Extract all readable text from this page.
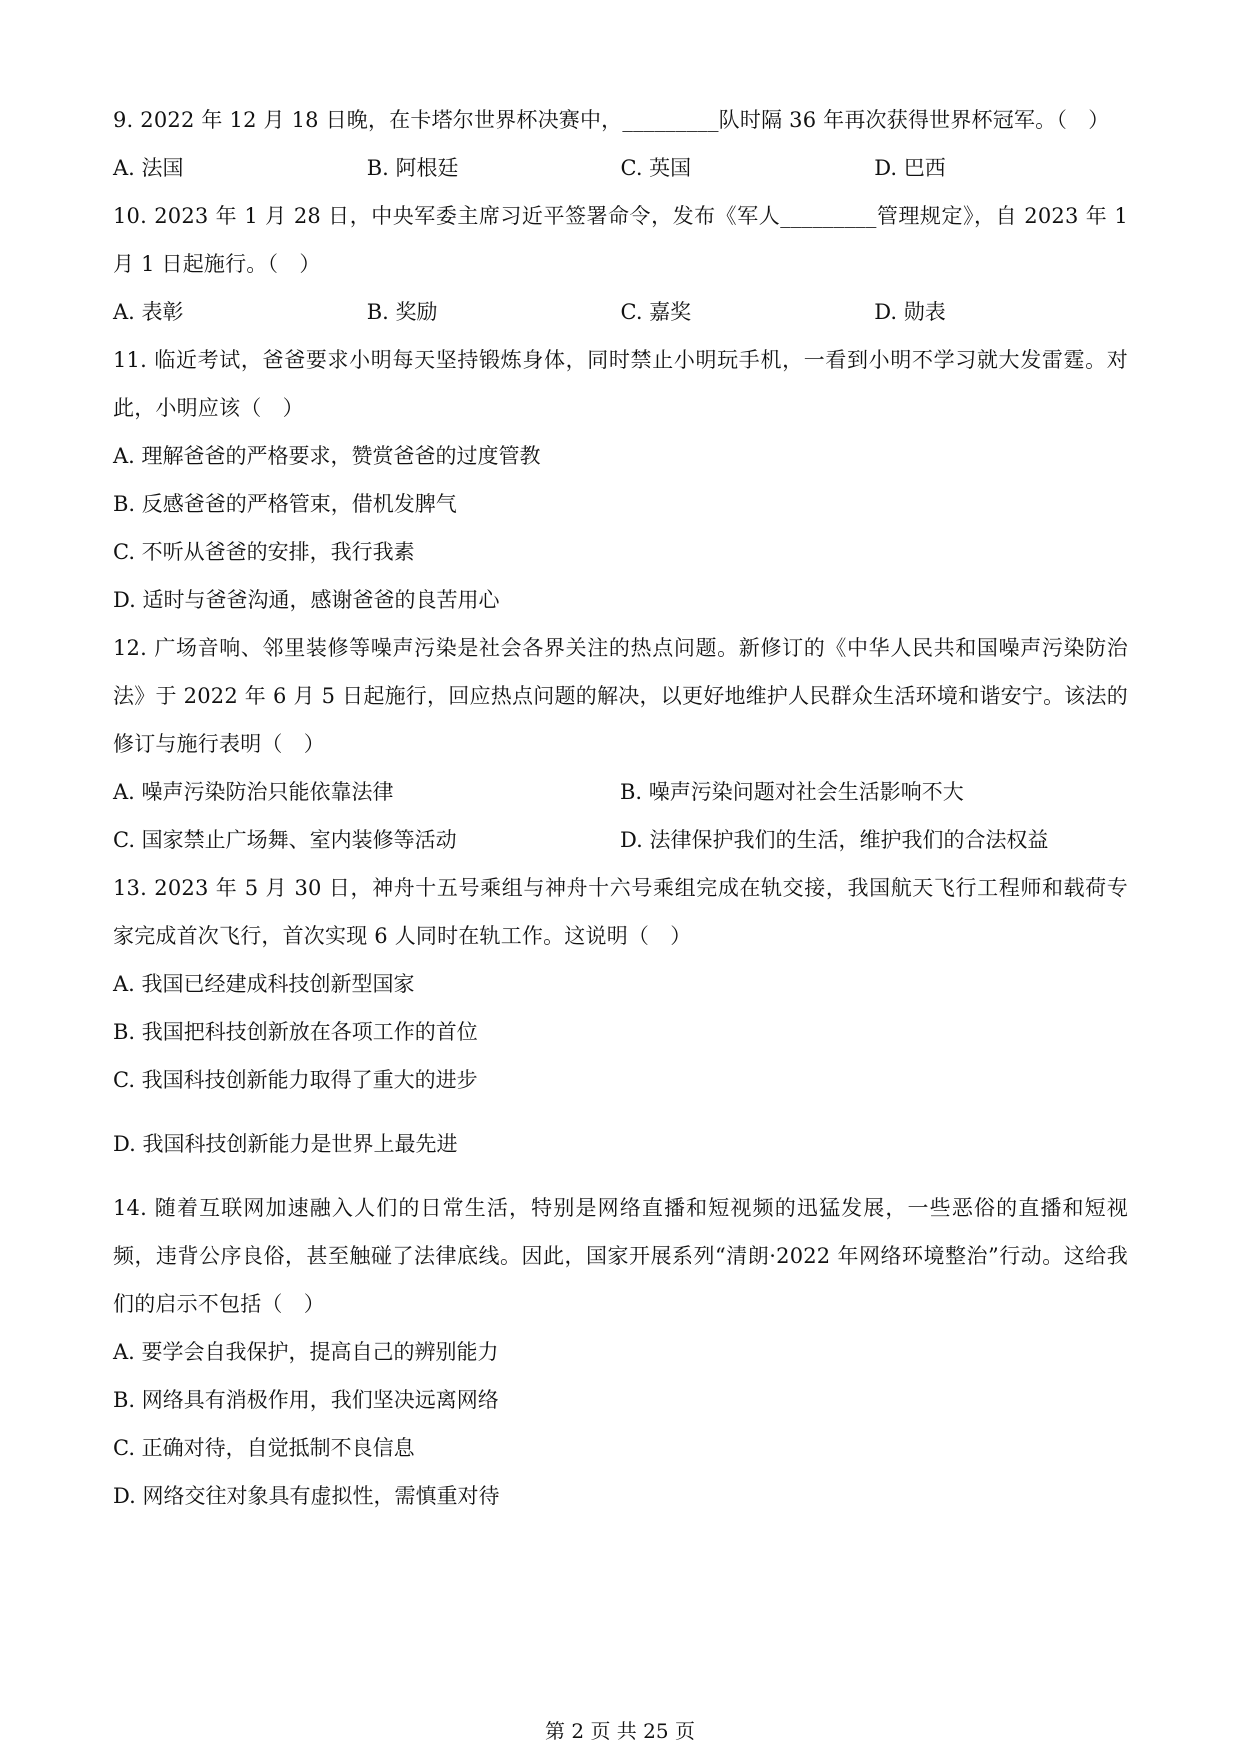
9. 2022 年 12 月 18 日晚，在卡塔尔世界杯决赛中，_________队时隔 36 年再次获得世界杯冠军。（　）

A. 法国	B. 阿根廷	C. 英国	D. 巴西

10. 2023 年 1 月 28 日，中央军委主席习近平签署命令，发布《军人_________管理规定》，自 2023 年 1 月 1 日起施行。（　）

A. 表彰	B. 奖励	C. 嘉奖	D. 勋表

11. 临近考试，爸爸要求小明每天坚持锻炼身体，同时禁止小明玩手机，一看到小明不学习就大发雷霆。对此，小明应该（　）

A. 理解爸爸的严格要求，赞赏爸爸的过度管教

B. 反感爸爸的严格管束，借机发脾气

C. 不听从爸爸的安排，我行我素

D. 适时与爸爸沟通，感谢爸爸的良苦用心

12. 广场音响、邻里装修等噪声污染是社会各界关注的热点问题。新修订的《中华人民共和国噪声污染防治法》于 2022 年 6 月 5 日起施行，回应热点问题的解决，以更好地维护人民群众生活环境和谐安宁。该法的修订与施行表明（　）

A. 噪声污染防治只能依靠法律	B. 噪声污染问题对社会生活影响不大
C. 国家禁止广场舞、室内装修等活动	D. 法律保护我们的生活，维护我们的合法权益

13. 2023 年 5 月 30 日，神舟十五号乘组与神舟十六号乘组完成在轨交接，我国航天飞行工程师和载荷专家完成首次飞行，首次实现 6 人同时在轨工作。这说明（　）

A. 我国已经建成科技创新型国家

B. 我国把科技创新放在各项工作的首位

C. 我国科技创新能力取得了重大的进步

D. 我国科技创新能力是世界上最先进

14. 随着互联网加速融入人们的日常生活，特别是网络直播和短视频的迅猛发展，一些恶俗的直播和短视频，违背公序良俗，甚至触碰了法律底线。因此，国家开展系列“清朗·2022 年网络环境整治”行动。这给我们的启示不包括（　）

A. 要学会自我保护，提高自己的辨别能力

B. 网络具有消极作用，我们坚决远离网络

C. 正确对待，自觉抵制不良信息

D. 网络交往对象具有虚拟性，需慎重对待

第 2 页 共 25 页
